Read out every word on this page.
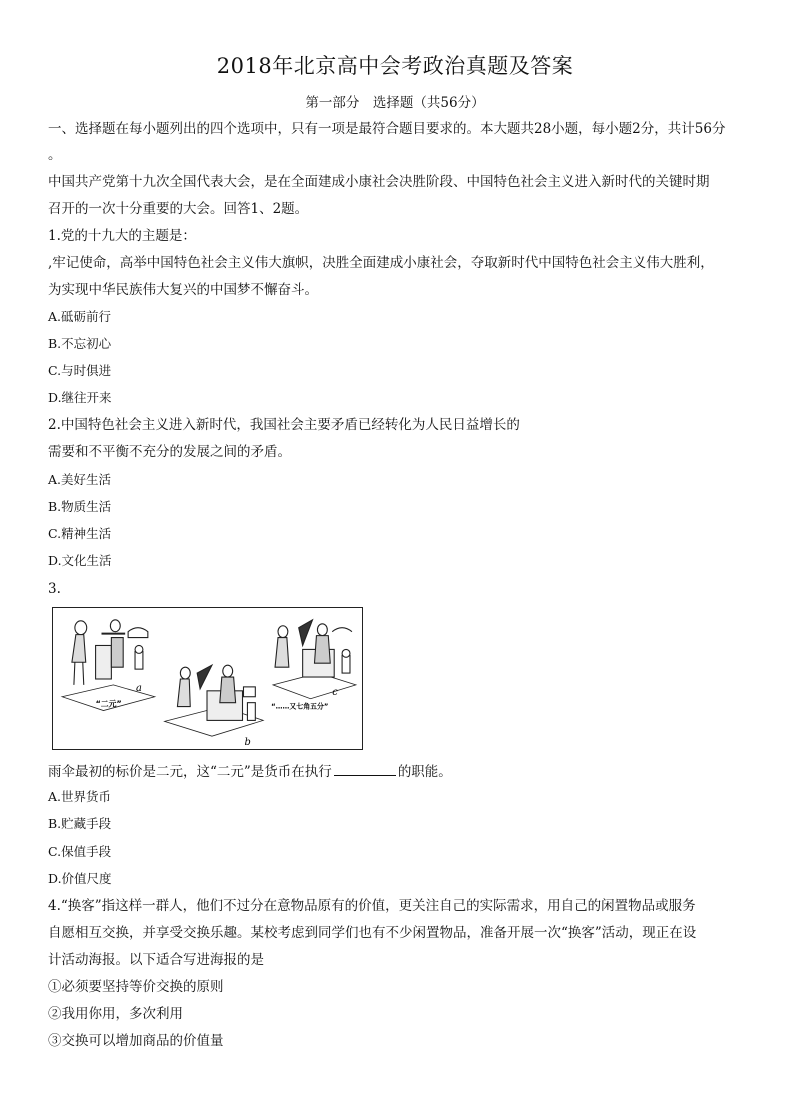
2018年北京高中会考政治真题及答案
第一部分　选择题（共56分）
一、选择题在每小题列出的四个选项中，只有一项是最符合题目要求的。本大题共28小题，每小题2分，共计56分
。
中国共产党第十九次全国代表大会，是在全面建成小康社会决胜阶段、中国特色社会主义进入新时代的关键时期
召开的一次十分重要的大会。回答1、2题。
1.党的十九大的主题是：
,牢记使命，高举中国特色社会主义伟大旗帜，决胜全面建成小康社会，夺取新时代中国特色社会主义伟大胜利，
为实现中华民族伟大复兴的中国梦不懈奋斗。
A.砥砺前行
B.不忘初心
C.与时俱进
D.继往开来
2.中国特色社会主义进入新时代，我国社会主要矛盾已经转化为人民日益增长的
需要和不平衡不充分的发展之间的矛盾。
A.美好生活
B.物质生活
C.精神生活
D.文化生活
3.
a
b
c
“二元”	“……又七角五分”
雨伞最初的标价是二元，这“二元”是货币在执行	的职能。
A.世界货币
B.贮藏手段
C.保值手段
D.价值尺度
4.“换客”指这样一群人，他们不过分在意物品原有的价值，更关注自己的实际需求，用自己的闲置物品或服务
自愿相互交换，并享受交换乐趣。某校考虑到同学们也有不少闲置物品，准备开展一次“换客”活动，现正在设
计活动海报。以下适合写进海报的是
①必须要坚持等价交换的原则
②我用你用，多次利用
③交换可以增加商品的价值量
